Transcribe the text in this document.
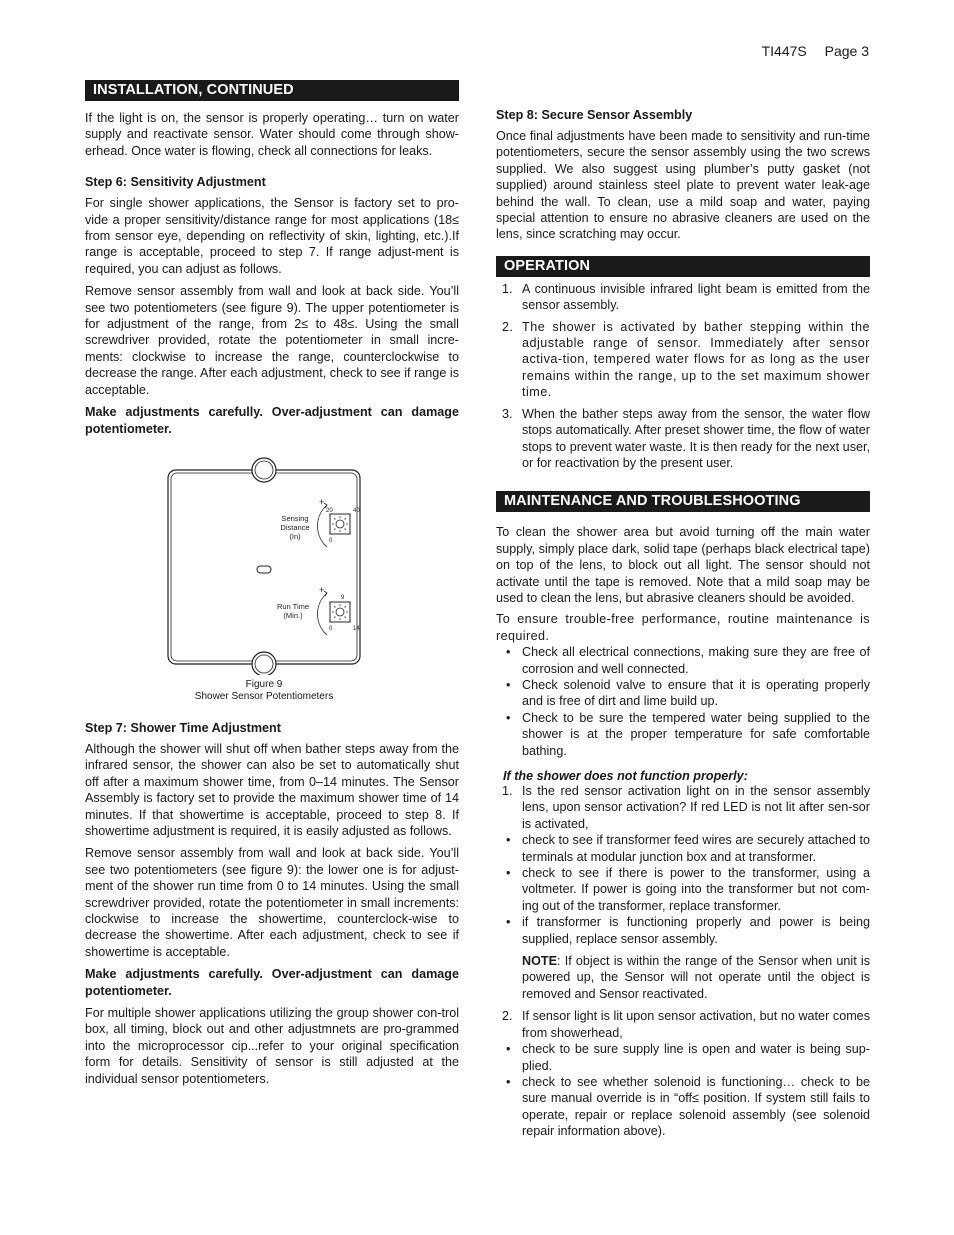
TI447S Page 3
INSTALLATION, CONTINUED

If the light is on, the sensor is properly operating… turn on water supply and reactivate sensor. Water should come through show-erhead. Once water is flowing, check all connections for leaks.

Step 6: Sensitivity Adjustment

For single shower applications, the Sensor is factory set to pro-vide a proper sensitivity/distance range for most applications (18≤ from sensor eye, depending on reflectivity of skin, lighting, etc.).If range is acceptable, proceed to step 7. If range adjust-ment is required, you can adjust as follows.

Remove sensor assembly from wall and look at back side. You’ll see two potentiometers (see figure 9). The upper potentiometer is for adjustment of the range, from 2≤ to 48≤. Using the small screwdriver provided, rotate the potentiometer in small incre-ments: clockwise to increase the range, counterclockwise to decrease the range. After each adjustment, check to see if range is acceptable.

Make adjustments carefully. Over-adjustment can damage potentiometer.

+
20	40
0
Sensing
Distance
(In)
+
9
0	14
Run Time
(Min.)
Figure 9
Shower Sensor Potentiometers
Step 7: Shower Time Adjustment

Although the shower will shut off when bather steps away from the infrared sensor, the shower can also be set to automatically shut off after a maximum shower time, from 0–14 minutes. The Sensor Assembly is factory set to provide the maximum shower time of 14 minutes. If that showertime is acceptable, proceed to step 8. If showertime adjustment is required, it is easily adjusted as follows.

Remove sensor assembly from wall and look at back side. You’ll see two potentiometers (see figure 9): the lower one is for adjust-ment of the shower run time from 0 to 14 minutes. Using the small screwdriver provided, rotate the potentiometer in small increments: clockwise to increase the showertime, counterclock-wise to decrease the showertime. After each adjustment, check to see if showertime is acceptable.

Make adjustments carefully. Over-adjustment can damage potentiometer.

For multiple shower applications utilizing the group shower con-trol box, all timing, block out and other adjustmnets are pro-grammed into the microprocessor cip...refer to your original specification form for details. Sensitivity of sensor is still adjusted at the individual sensor potentiometers.

Step 8: Secure Sensor Assembly

Once final adjustments have been made to sensitivity and run-time potentiometers, secure the sensor assembly using the two screws supplied. We also suggest using plumber’s putty gasket (not supplied) around stainless steel plate to prevent water leak-age behind the wall. To clean, use a mild soap and water, paying special attention to ensure no abrasive cleaners are used on the lens, since scratching may occur.

OPERATION
1. A continuous invisible infrared light beam is emitted from the sensor assembly.
2. The shower is activated by bather stepping within the adjustable range of sensor. Immediately after sensor activa-tion, tempered water flows for as long as the user remains within the range, up to the set maximum shower time.
3. When the bather steps away from the sensor, the water flow stops automatically. After preset shower time, the flow of water stops to prevent water waste. It is then ready for the next user, or for reactivation by the present user.
MAINTENANCE AND TROUBLESHOOTING

To clean the shower area but avoid turning off the main water supply, simply place dark, solid tape (perhaps black electrical tape) on top of the lens, to block out all light. The sensor should not activate until the tape is removed. Note that a mild soap may be used to clean the lens, but abrasive cleaners should be avoided.

To ensure trouble-free performance, routine maintenance is required.

• Check all electrical connections, making sure they are free of corrosion and well connected.
• Check solenoid valve to ensure that it is operating properly and is free of dirt and lime build up.
• Check to be sure the tempered water being supplied to the shower is at the proper temperature for safe comfortable bathing.
If the shower does not function properly:
1. Is the red sensor activation light on in the sensor assembly lens, upon sensor activation? If red LED is not lit after sen-sor is activated,
• check to see if transformer feed wires are securely attached to terminals at modular junction box and at transformer.
• check to see if there is power to the transformer, using a voltmeter. If power is going into the transformer but not com-ing out of the transformer, replace transformer.
• if transformer is functioning properly and power is being supplied, replace sensor assembly.
NOTE: If object is within the range of the Sensor when unit is powered up, the Sensor will not operate until the object is removed and Sensor reactivated.
2. If sensor light is lit upon sensor activation, but no water comes from showerhead,
• check to be sure supply line is open and water is being sup-plied.
• check to see whether solenoid is functioning… check to be sure manual override is in “off≤ position. If system still fails to operate, repair or replace solenoid assembly (see solenoid repair information above).
